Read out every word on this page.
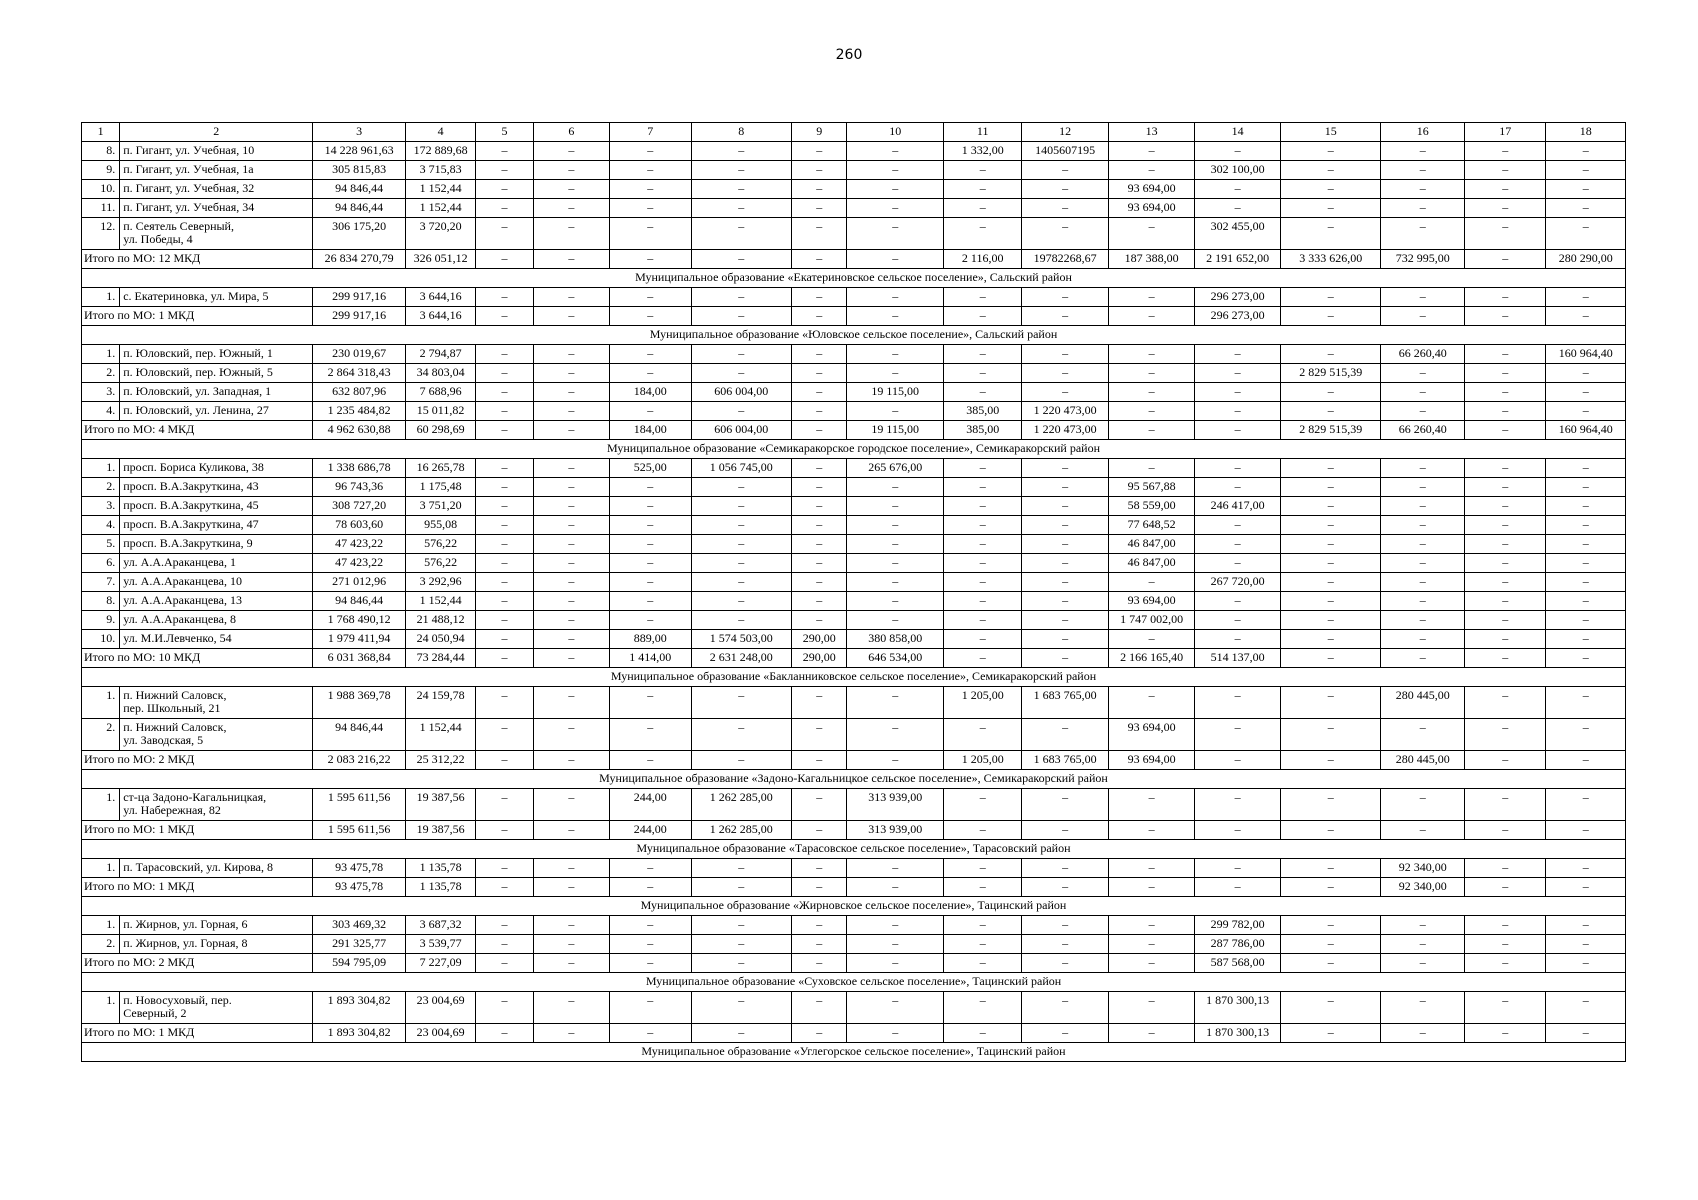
260
1	2	3	4	5	6	7	8	9	10	11	12	13	14	15	16	17	18
8.	п. Гигант, ул. Учебная, 10	14 228 961,63	172 889,68	–	–	–	–	–	–	1 332,00	1405607195	–	–	–	–	–	–
9.	п. Гигант, ул. Учебная, 1а	305 815,83	3 715,83	–	–	–	–	–	–	–	–	–	302 100,00	–	–	–	–
10.	п. Гигант, ул. Учебная, 32	94 846,44	1 152,44	–	–	–	–	–	–	–	–	93 694,00	–	–	–	–	–
11.	п. Гигант, ул. Учебная, 34	94 846,44	1 152,44	–	–	–	–	–	–	–	–	93 694,00	–	–	–	–	–
12.	п. Сеятель Северный,
ул. Победы, 4	306 175,20	3 720,20	–	–	–	–	–	–	–	–	–	302 455,00	–	–	–	–
Итого по МО: 12 МКД		26 834 270,79	326 051,12	–	–	–	–	–	–	2 116,00	19782268,67	187 388,00	2 191 652,00	3 333 626,00	732 995,00	–	280 290,00
Муниципальное образование «Екатериновское сельское поселение», Сальский район																	
1.	с. Екатериновка, ул. Мира, 5	299 917,16	3 644,16	–	–	–	–	–	–	–	–	–	296 273,00	–	–	–	–
Итого по МО: 1 МКД		299 917,16	3 644,16	–	–	–	–	–	–	–	–	–	296 273,00	–	–	–	–
Муниципальное образование «Юловское сельское поселение», Сальский район																	
1.	п. Юловский, пер. Южный, 1	230 019,67	2 794,87	–	–	–	–	–	–	–	–	–	–	–	66 260,40	–	160 964,40
2.	п. Юловский, пер. Южный, 5	2 864 318,43	34 803,04	–	–	–	–	–	–	–	–	–	–	2 829 515,39	–	–	–
3.	п. Юловский, ул. Западная, 1	632 807,96	7 688,96	–	–	184,00	606 004,00	–	19 115,00	–	–	–	–	–	–	–	–
4.	п. Юловский, ул. Ленина, 27	1 235 484,82	15 011,82	–	–	–	–	–	–	385,00	1 220 473,00	–	–	–	–	–	–
Итого по МО: 4 МКД		4 962 630,88	60 298,69	–	–	184,00	606 004,00	–	19 115,00	385,00	1 220 473,00	–	–	2 829 515,39	66 260,40	–	160 964,40
Муниципальное образование «Семикаракорское городское поселение», Семикаракорский район																	
1.	просп. Бориса Куликова, 38	1 338 686,78	16 265,78	–	–	525,00	1 056 745,00	–	265 676,00	–	–	–	–	–	–	–	–
2.	просп. В.А.Закруткина, 43	96 743,36	1 175,48	–	–	–	–	–	–	–	–	95 567,88	–	–	–	–	–
3.	просп. В.А.Закруткина, 45	308 727,20	3 751,20	–	–	–	–	–	–	–	–	58 559,00	246 417,00	–	–	–	–
4.	просп. В.А.Закруткина, 47	78 603,60	955,08	–	–	–	–	–	–	–	–	77 648,52	–	–	–	–	–
5.	просп. В.А.Закруткина, 9	47 423,22	576,22	–	–	–	–	–	–	–	–	46 847,00	–	–	–	–	–
6.	ул. А.А.Араканцева, 1	47 423,22	576,22	–	–	–	–	–	–	–	–	46 847,00	–	–	–	–	–
7.	ул. А.А.Араканцева, 10	271 012,96	3 292,96	–	–	–	–	–	–	–	–	–	267 720,00	–	–	–	–
8.	ул. А.А.Араканцева, 13	94 846,44	1 152,44	–	–	–	–	–	–	–	–	93 694,00	–	–	–	–	–
9.	ул. А.А.Араканцева, 8	1 768 490,12	21 488,12	–	–	–	–	–	–	–	–	1 747 002,00	–	–	–	–	–
10.	ул. М.И.Левченко, 54	1 979 411,94	24 050,94	–	–	889,00	1 574 503,00	290,00	380 858,00	–	–	–	–	–	–	–	–
Итого по МО: 10 МКД		6 031 368,84	73 284,44	–	–	1 414,00	2 631 248,00	290,00	646 534,00	–	–	2 166 165,40	514 137,00	–	–	–	–
Муниципальное образование «Бакланниковское сельское поселение», Семикаракорский район																	
1.	п. Нижний Саловск,
пер. Школьный, 21	1 988 369,78	24 159,78	–	–	–	–	–	–	1 205,00	1 683 765,00	–	–	–	280 445,00	–	–
2.	п. Нижний Саловск,
ул. Заводская, 5	94 846,44	1 152,44	–	–	–	–	–	–	–	–	93 694,00	–	–	–	–	–
Итого по МО: 2 МКД		2 083 216,22	25 312,22	–	–	–	–	–	–	1 205,00	1 683 765,00	93 694,00	–	–	280 445,00	–	–
Муниципальное образование «Задоно-Кагальницкое сельское поселение», Семикаракорский район																	
1.	ст-ца Задоно-Кагальницкая,
ул. Набережная, 82	1 595 611,56	19 387,56	–	–	244,00	1 262 285,00	–	313 939,00	–	–	–	–	–	–	–	–
Итого по МО: 1 МКД		1 595 611,56	19 387,56	–	–	244,00	1 262 285,00	–	313 939,00	–	–	–	–	–	–	–	–
Муниципальное образование «Тарасовское сельское поселение», Тарасовский район																	
1.	п. Тарасовский, ул. Кирова, 8	93 475,78	1 135,78	–	–	–	–	–	–	–	–	–	–	–	92 340,00	–	–
Итого по МО: 1 МКД		93 475,78	1 135,78	–	–	–	–	–	–	–	–	–	–	–	92 340,00	–	–
Муниципальное образование «Жирновское сельское поселение», Тацинский район																	
1.	п. Жирнов, ул. Горная, 6	303 469,32	3 687,32	–	–	–	–	–	–	–	–	–	299 782,00	–	–	–	–
2.	п. Жирнов, ул. Горная, 8	291 325,77	3 539,77	–	–	–	–	–	–	–	–	–	287 786,00	–	–	–	–
Итого по МО: 2 МКД		594 795,09	7 227,09	–	–	–	–	–	–	–	–	–	587 568,00	–	–	–	–
Муниципальное образование «Суховское сельское поселение», Тацинский район																	
1.	п. Новосуховый, пер.
Северный, 2	1 893 304,82	23 004,69	–	–	–	–	–	–	–	–	–	1 870 300,13	–	–	–	–
Итого по МО: 1 МКД		1 893 304,82	23 004,69	–	–	–	–	–	–	–	–	–	1 870 300,13	–	–	–	–
Муниципальное образование «Углегорское сельское поселение», Тацинский район																	
